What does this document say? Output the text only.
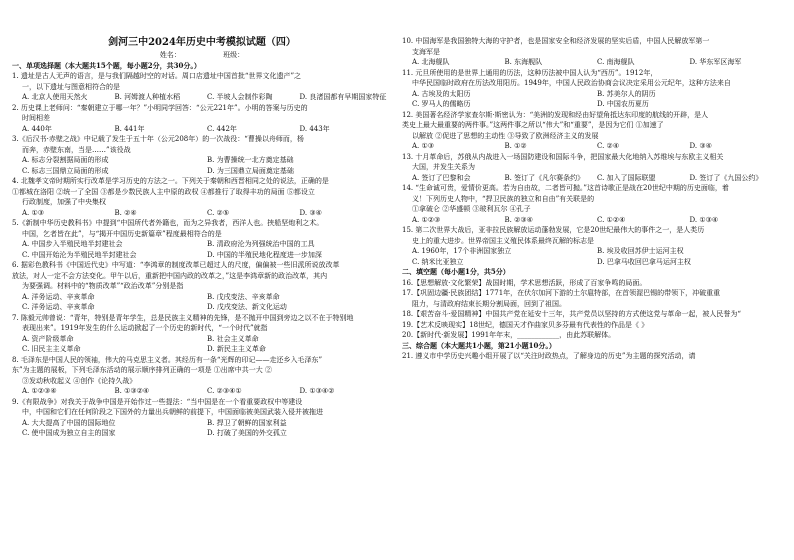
剑河三中2024年历史中考模拟试题（四）
姓名：	班级：
一、单项选择题（本大题共15个题，每小题2分，共30分。）
1. 遗址是古人无声的语言，是与我们隔越时空的对话。周口店遗址中国首批“世界文化遗产”之
一，以下遗址与图意相符合的是
A. 北京人使用天然火	B. 河姆渡人种植水稻	C. 半坡人会制作彩陶	D. 良渚国都有早期国家特征
2. 历史课上老师问：“秦朝建立于哪一年？”小明同学回答：“公元221年”。小明的答案与历史的
时间相差
A. 440年	B. 441年	C. 442年	D. 443年
3.《后汉书·赤壁之战》中记载了发生于五十年（公元208年）的一次战役：“曹操以舟师而，杨
而奔，赤壁东南，当是……”该役战
A. 标志分裂割据局面的形成	B. 为曹操统一北方奠定基础
C. 标志三国鼎立局面的形成	D. 为三国鼎立局面奠定基础
4. 北魏孝文帝时期所实行改革是学习历史的方法之一。下列关于秦朝和西晋相同之处的说法，正确的是
①都城在洛阳 ②统一了全国 ③都是少数民族人主中原的政权 ④都推行了取得丰功的局面 ⑤都设立
行政制度，加强了中央集权
A. ①③	B. ②④	C. ②⑤	D. ③④
5.《新制中华历史教科书》中提到“中国所代者外籍也，而为之异我者，西洋人也。挟船坚炮利之术。
中国，乞者皆在此”，与“揭开中国历史新篇章”程度最相符合的是
A. 中国步入半殖民地半封建社会	B. 清政府沦为列强统治中国的工具
C. 中国开始沦为半殖民地半封建社会	D. 中国的半殖民地化程度进一步加深
6. 据彩色教科书《中国近代史》中写道：“李鸿章的制度改革已超过人的尺度，偏偏被一些旧派所说放改革
放法，对人一定不会方法变化。甲午以后，重新把中国内政的改革之，”这是李鸿章新的政治改革，其内
为要强调。材料中的“物质改革”“政治改革”分别是指
A. 洋务运动、辛亥革命	B. 戊戌变法、辛亥革命
C. 洋务运动、辛亥革命	D. 戊戌变法、新文化运动
7. 陈毅元帅曾说：“青年，特别是青年学生，总是民族主义精神的先锋，是不抛开中国到旁边之以不在于特别地
表现出来”。1919年发生的什么运动掀起了一个历史的新时代，“一个时代”就指
A. 资产阶级革命	B. 社会主义革命
C. 旧民主主义革命	D. 新民主主义革命
8. 毛泽东是中国人民的领袖，伟大的马克思主义者。其经历有一条“光辉的印记——走还乡入毛泽东”
东”为主题的展板，下列毛泽东活动的展示顺序排列正确的一项是 ①出席中共一大 ②
③发动秋收起义 ④创作《论持久战》
A. ①②③④	B. ①③②④	C. ②③④①	D. ①③④②
9.《有限战争》对我关于战争中国是开始作过一些提法：“当中国是在一个看重要政权中等建设
中，中国和它们在任何阶段之下国外的力量出兵朝鲜的前提下，中国面临被美国武装入侵并被拖进
A. 大大提高了中国的国际地位	B. 捍卫了朝鲜的国家利益
C. 使中国成为独立自主的国家	D. 打破了美国的外交孤立
10. 中国海军是我国独特大海的守护者，也是国家安全和经济发展的坚实后盾，中国人民解放军第一
支海军是
A. 北海舰队	B. 东海舰队	C. 南海舰队	D. 华东军区海军
11. 元旦所使用的是世界上通用的历法，这种历法被中国人认为“西历”。1912年，
中华民国临时政府在历法改用阳历。1949年，中国人民政治协商会议决定采用公元纪年，这种方法来自
A. 古埃及的太阳历	B. 苏美尔人的阴历
C. 罗马人的儒略历	D. 中国农历夏历
12. 美国著名经济学家查尔斯·斯密认为：“美洲的发现和经由好望角抵达东印度的航线的开辟，是人
类史上最大最重要的两件事。”这两件事之所以“伟大”和“重要”，是因为它们 ①加速了
以解放 ②促进了思想的主动性 ③导致了欧洲经济主义的发展
A. ①③	B. ①②	C. ②④	D. ③④
13. 十月革命后，苏俄从内战进入一场国防建设和国际斗争，把国家最大化地纳入苏维埃与东欧主义相关
大国，并发生关系为
A. 签订了巴黎和会	B. 签订了《凡尔赛条约》	C. 加入了国际联盟	D. 签订了《九国公约》
14. “生命诚可贵，爱情价更高。若为自由故，二者皆可抛。”这首诗歌正是战在20世纪中期的历史面临，着
义！下列历史人物中，“捍卫民族的独立和自由”有关联是的
①拿破仑 ②华盛顿 ③玻利瓦尔 ④孔子
A. ①②③	B. ②③④	C. ①②④	D. ①③④
15. 第二次世界大战后，亚非拉民族解放运动蓬勃发展，它是20世纪最伟大的事件之一，是人类历
史上的重大进步。世界帝国主义殖民体系最终瓦解的标志是
A. 1960年，17个非洲国家独立	B. 埃及收回苏伊士运河主权
C. 纳米比亚独立	D. 巴拿马收回巴拿马运河主权
二、填空题（每小题1分，共5分）
16.【思想解放·文化繁荣】战国时期，学术思想活跃，形成了百家争鸣的局面。
17.【巩固边疆·民族团结】1771年，在伏尔加河下游的土尔扈特部，在首领渥巴锡的带领下，冲破重重
阻力，与清政府结束长期分割局面，回到了祖国。
18.【艰苦奋斗·爱国精神】中国共产党在延安十三年，共产党员以坚持的方式使这党与革命一起，被人民誉为“
19.【艺术反映现实】18世纪，德国天才作曲家贝多芬最有代表性的作品是《 》
20.【新时代·新发展】1991年年末，____________，由此苏联解体。
三、综合题（本大题共1小题，第21小题10分。）
21. 遵义市中学历史兴趣小组开展了以“关注时政热点，了解身边的历史”为主题的探究活动，请
